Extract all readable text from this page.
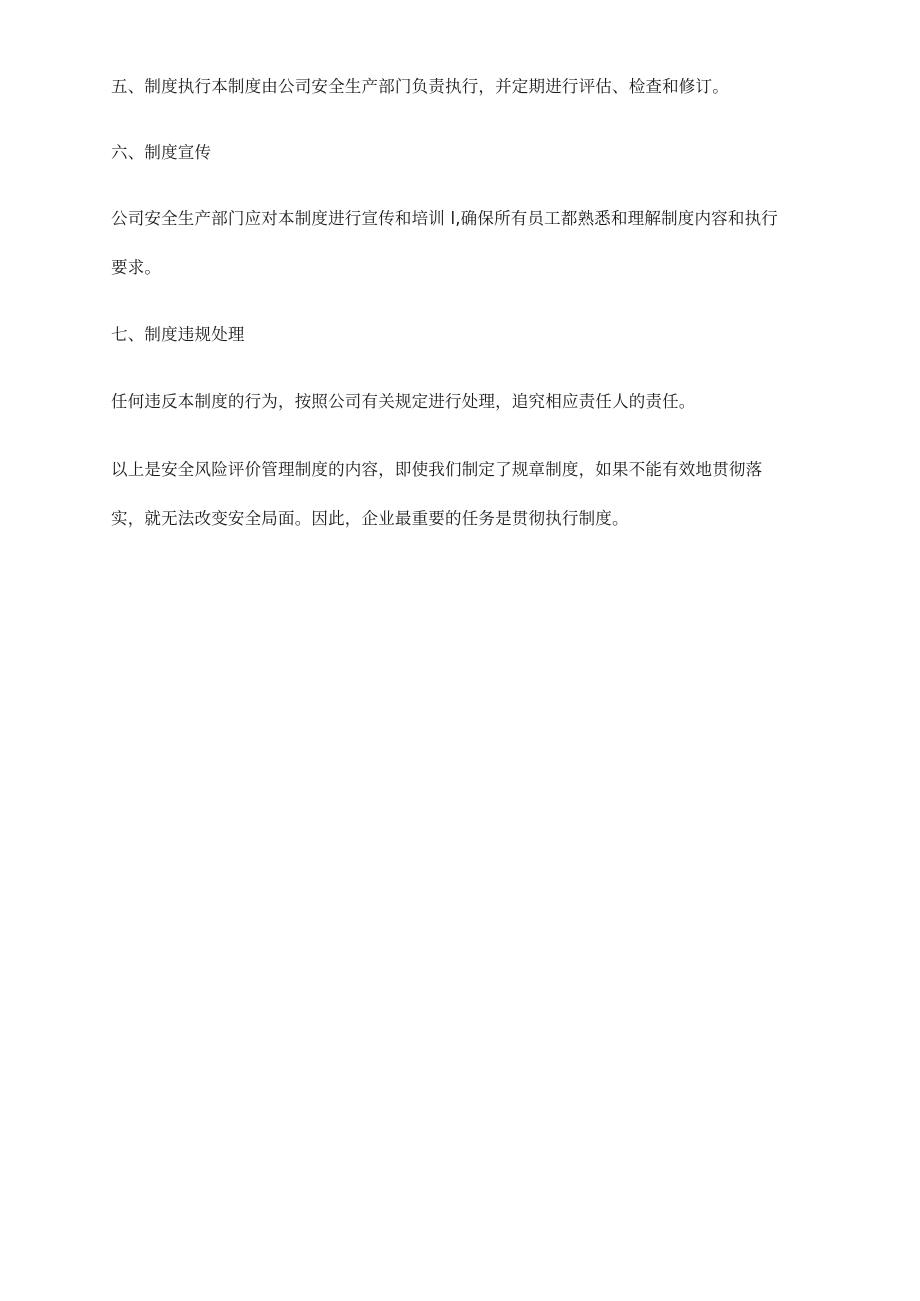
五、制度执行本制度由公司安全生产部门负责执行，并定期进行评估、检查和修订。
六、制度宣传
公司安全生产部门应对本制度进行宣传和培训 l,确保所有员工都熟悉和理解制度内容和执行
要求。
七、制度违规处理
任何违反本制度的行为，按照公司有关规定进行处理，追究相应责任人的责任。
以上是安全风险评价管理制度的内容，即使我们制定了规章制度，如果不能有效地贯彻落
实，就无法改变安全局面。因此，企业最重要的任务是贯彻执行制度。
